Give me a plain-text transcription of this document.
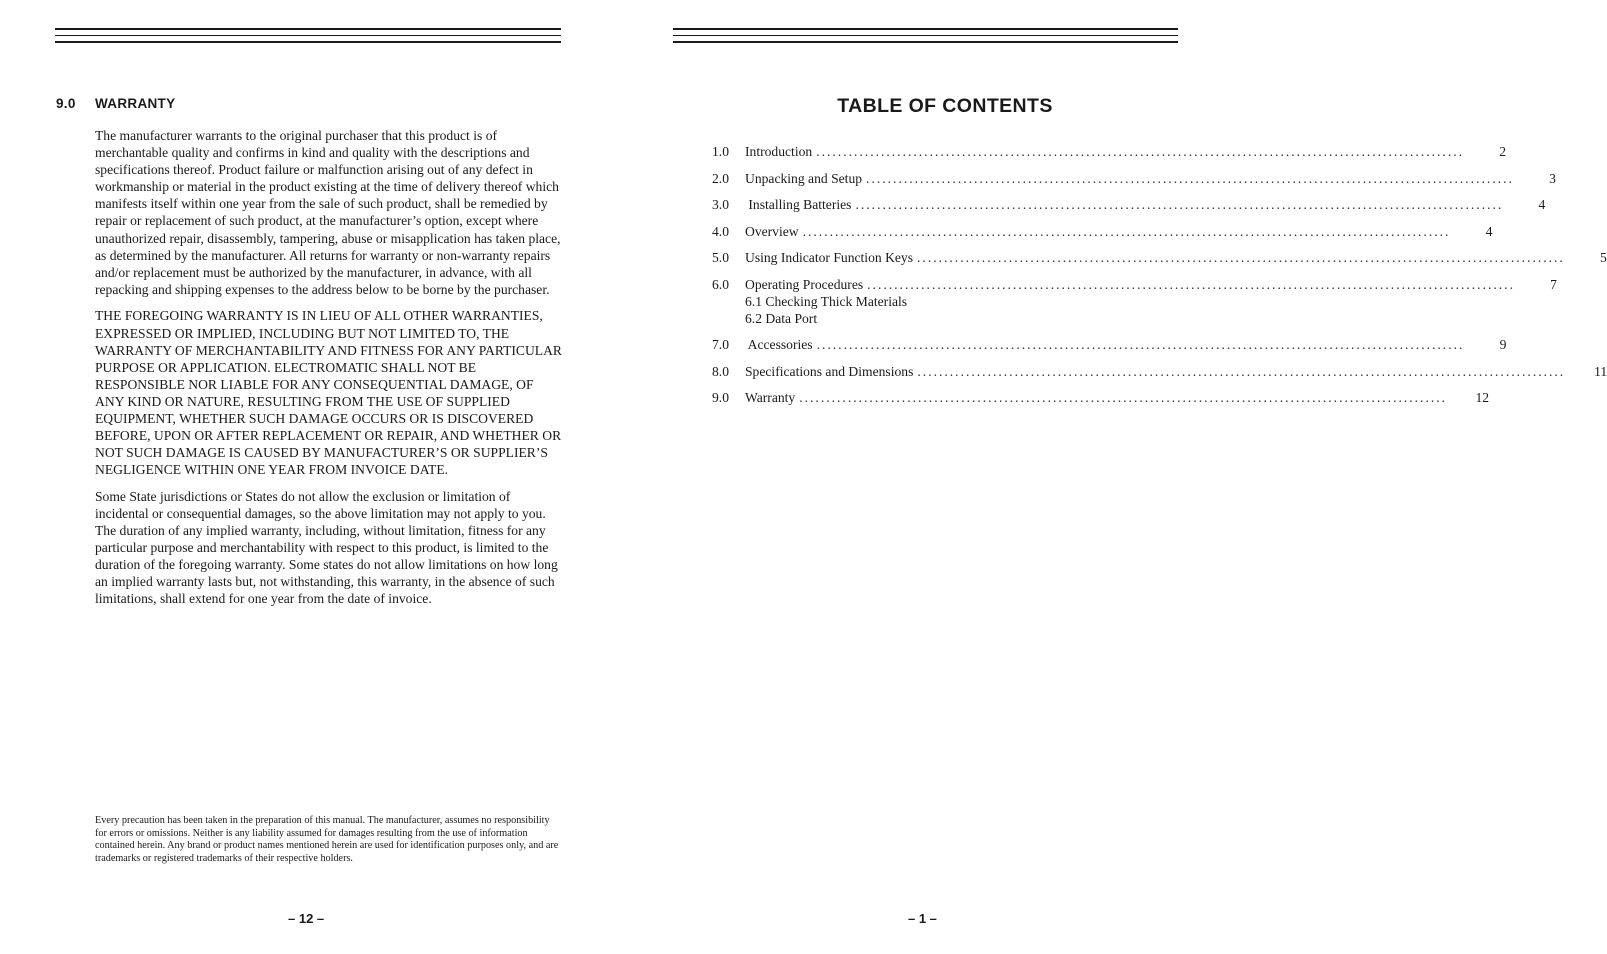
9.0 WARRANTY

The manufacturer warrants to the original purchaser that this product is of merchantable quality and confirms in kind and quality with the descriptions and specifications thereof. Product failure or malfunction arising out of any defect in workmanship or material in the product existing at the time of delivery thereof which manifests itself within one year from the sale of such product, shall be remedied by repair or replacement of such product, at the manufacturer’s option, except where unauthorized repair, disassembly, tampering, abuse or misapplication has taken place, as determined by the manufacturer. All returns for warranty or non-warranty repairs and/or replacement must be authorized by the manufacturer, in advance, with all repacking and shipping expenses to the address below to be borne by the purchaser.

THE FOREGOING WARRANTY IS IN LIEU OF ALL OTHER WARRANTIES, EXPRESSED OR IMPLIED, INCLUDING BUT NOT LIMITED TO, THE WARRANTY OF MERCHANTABILITY AND FITNESS FOR ANY PARTICULAR PURPOSE OR APPLICATION. ELECTROMATIC SHALL NOT BE RESPONSIBLE NOR LIABLE FOR ANY CONSEQUENTIAL DAMAGE, OF ANY KIND OR NATURE, RESULTING FROM THE USE OF SUPPLIED EQUIPMENT, WHETHER SUCH DAMAGE OCCURS OR IS DISCOVERED BEFORE, UPON OR AFTER REPLACEMENT OR REPAIR, AND WHETHER OR NOT SUCH DAMAGE IS CAUSED BY MANUFACTURER’S OR SUPPLIER’S NEGLIGENCE WITHIN ONE YEAR FROM INVOICE DATE.

Some State jurisdictions or States do not allow the exclusion or limitation of incidental or consequential damages, so the above limitation may not apply to you. The duration of any implied warranty, including, without limitation, fitness for any particular purpose and merchantability with respect to this product, is limited to the duration of the foregoing warranty. Some states do not allow limitations on how long an implied warranty lasts but, not withstanding, this warranty, in the absence of such limitations, shall extend for one year from the date of invoice.

Every precaution has been taken in the preparation of this manual. The manufacturer, assumes no responsibility for errors or omissions. Neither is any liability assumed for damages resulting from the use of information contained herein. Any brand or product names mentioned herein are used for identification purposes only, and are trademarks or registered trademarks of their respective holders.

– 12 –

TABLE OF CONTENTS
1.0	Introduction ........................................................................................................................	2
2.0	Unpacking and Setup ........................................................................................................................	3
3.0	Installing Batteries ........................................................................................................................	4
4.0	Overview ........................................................................................................................	4
5.0	Using Indicator Function Keys ........................................................................................................................	5
6.0	Operating Procedures ........................................................................................................................	7
6.1 Checking Thick Materials
6.2 Data Port
7.0	Accessories ........................................................................................................................	9
8.0	Specifications and Dimensions ........................................................................................................................ 11
9.0	Warranty ........................................................................................................................ 12

– 1 –
